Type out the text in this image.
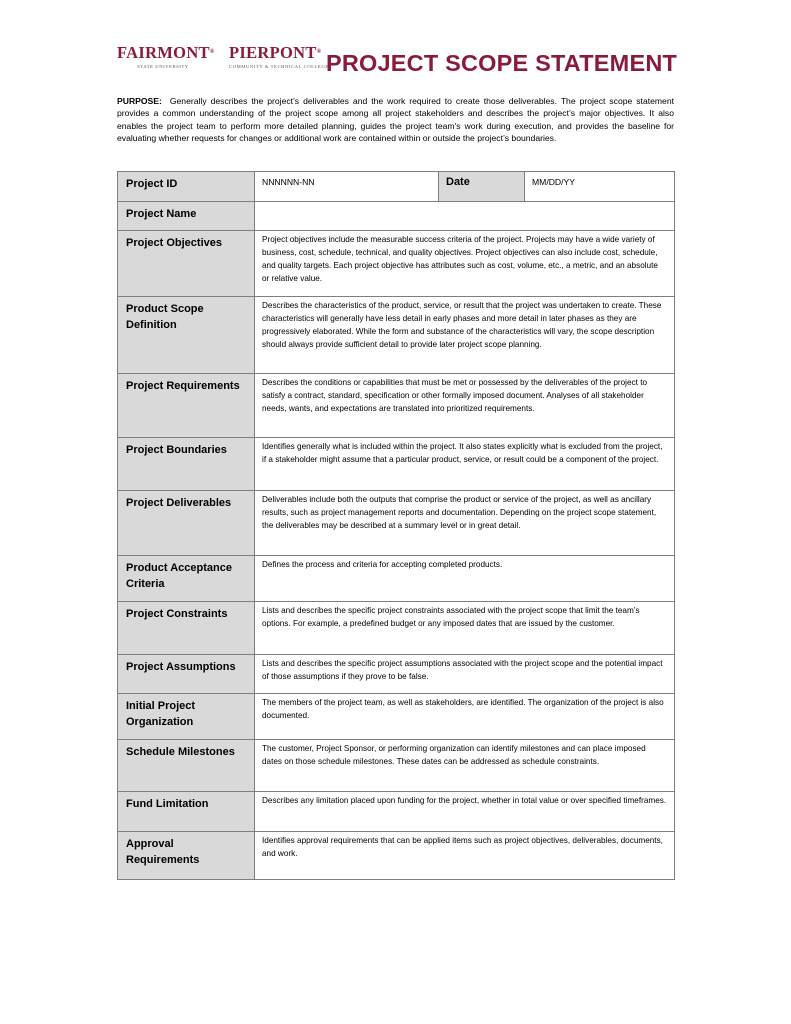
FAIRMONT®
STATE UNIVERSITY
PIERPONT®
COMMUNITY & TECHNICAL COLLEGE
PROJECT SCOPE STATEMENT
PURPOSE: Generally describes the project’s deliverables and the work required to create those deliverables. The project scope statement provides a common understanding of the project scope among all project stakeholders and describes the project’s major objectives. It also enables the project team to perform more detailed planning, guides the project team’s work during execution, and provides the baseline for evaluating whether requests for changes or additional work are contained within or outside the project’s boundaries.
Project ID	NNNNNN-NN	Date	MM/DD/YY
Project Name			
Project Objectives	Project objectives include the measurable success criteria of the project. Projects may have a wide variety of business, cost, schedule, technical, and quality objectives. Project objectives can also include cost, schedule, and quality targets. Each project objective has attributes such as cost, volume, etc., a metric, and an absolute or relative value.		
Product Scope Definition	Describes the characteristics of the product, service, or result that the project was undertaken to create. These characteristics will generally have less detail in early phases and more detail in later phases as they are progressively elaborated. While the form and substance of the characteristics will vary, the scope description should always provide sufficient detail to provide later project scope planning.		
Project Requirements	Describes the conditions or capabilities that must be met or possessed by the deliverables of the project to satisfy a contract, standard, specification or other formally imposed document. Analyses of all stakeholder needs, wants, and expectations are translated into prioritized requirements.		
Project Boundaries	Identifies generally what is included within the project. It also states explicitly what is excluded from the project, if a stakeholder might assume that a particular product, service, or result could be a component of the project.		
Project Deliverables	Deliverables include both the outputs that comprise the product or service of the project, as well as ancillary results, such as project management reports and documentation. Depending on the project scope statement, the deliverables may be described at a summary level or in great detail.		
Product Acceptance Criteria	Defines the process and criteria for accepting completed products.		
Project Constraints	Lists and describes the specific project constraints associated with the project scope that limit the team’s options. For example, a predefined budget or any imposed dates that are issued by the customer.		
Project Assumptions	Lists and describes the specific project assumptions associated with the project scope and the potential impact of those assumptions if they prove to be false.		
Initial Project Organization	The members of the project team, as well as stakeholders, are identified. The organization of the project is also documented.		
Schedule Milestones	The customer, Project Sponsor, or performing organization can identify milestones and can place imposed dates on those schedule milestones. These dates can be addressed as schedule constraints.		
Fund Limitation	Describes any limitation placed upon funding for the project, whether in total value or over specified timeframes.		
Approval Requirements	Identifies approval requirements that can be applied items such as project objectives, deliverables, documents, and work.		
